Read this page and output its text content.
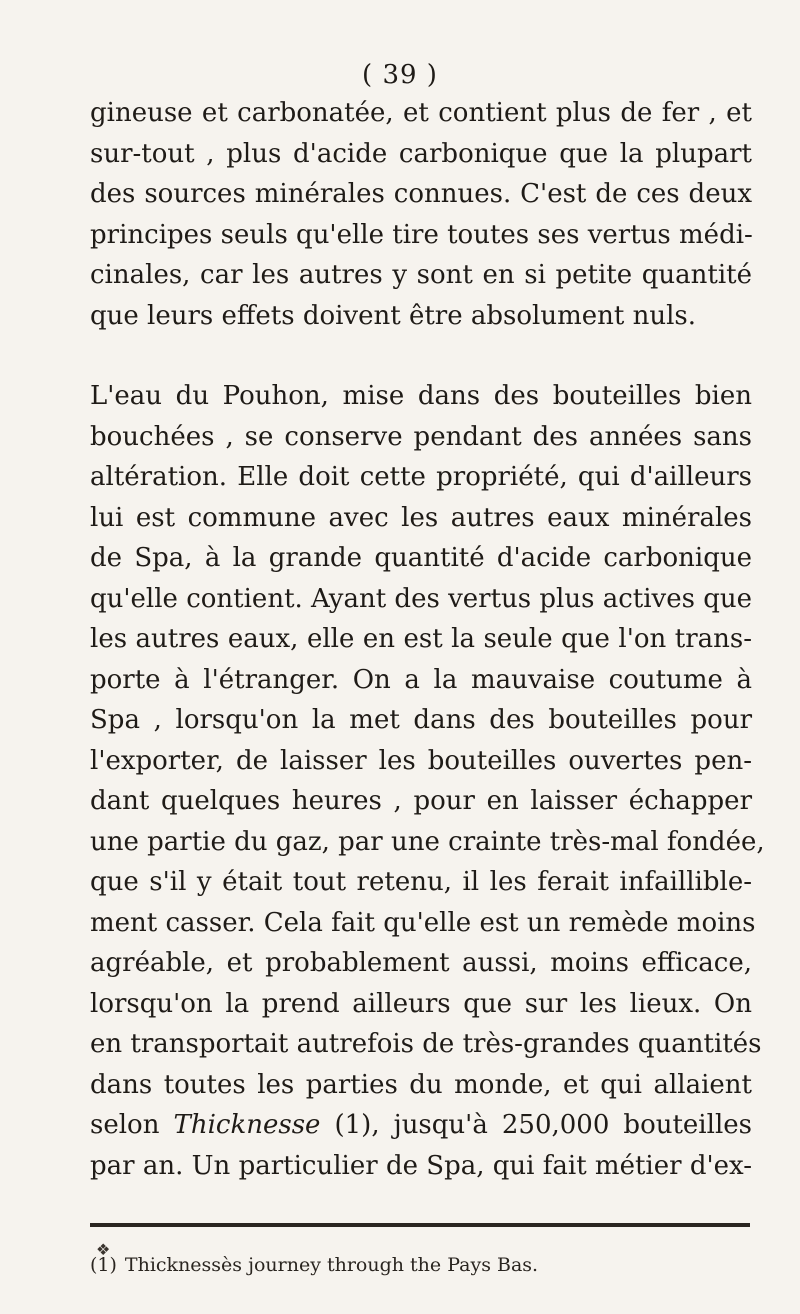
( 39 )

gineuse et carbonatée, et contient plus de fer , et
sur-tout , plus d'acide carbonique que la plupart
des sources minérales connues. C'est de ces deux
principes seuls qu'elle tire toutes ses vertus médi-
cinales, car les autres y sont en si petite quantité
que leurs effets doivent être absolument nuls.

L'eau du Pouhon, mise dans des bouteilles bien
bouchées , se conserve pendant des années sans
altération. Elle doit cette propriété, qui d'ailleurs
lui est commune avec les autres eaux minérales
de Spa, à la grande quantité d'acide carbonique
qu'elle contient. Ayant des vertus plus actives que
les autres eaux, elle en est la seule que l'on trans-
porte à l'étranger. On a la mauvaise coutume à
Spa , lorsqu'on la met dans des bouteilles pour
l'exporter, de laisser les bouteilles ouvertes pen-
dant quelques heures , pour en laisser échapper
une partie du gaz, par une crainte très-mal fondée,
que s'il y était tout retenu, il les ferait infaillible-
ment casser. Cela fait qu'elle est un remède moins
agréable, et probablement aussi, moins efficace,
lorsqu'on la prend ailleurs que sur les lieux. On
en transportait autrefois de très-grandes quantités
dans toutes les parties du monde, et qui allaient
selon Thicknesse (1), jusqu'à 250,000 bouteilles
par an. Un particulier de Spa, qui fait métier d'ex-

❖
(1) Thicknessès journey through the Pays Bas.
